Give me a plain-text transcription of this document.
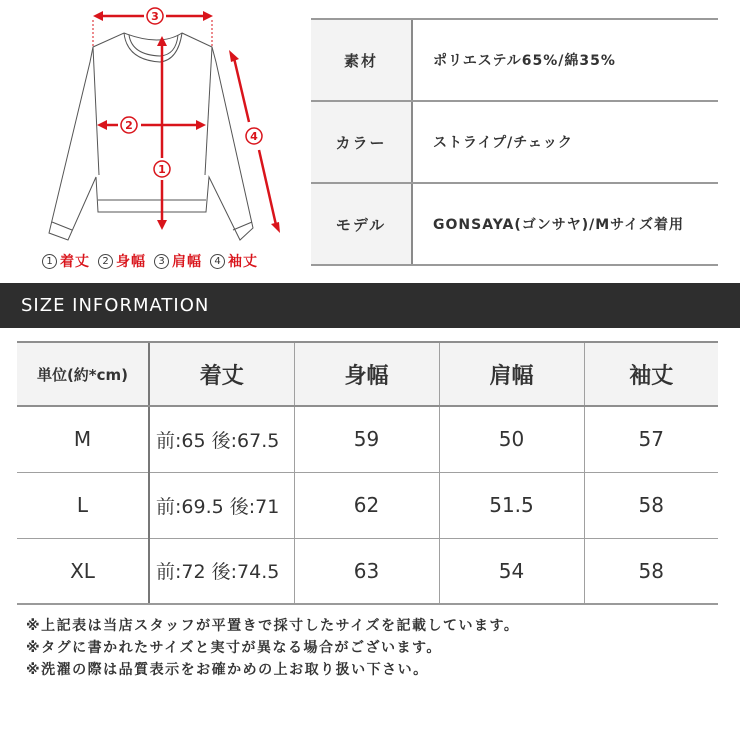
3
2
1
4
1 着丈	2 身幅	3 肩幅	4 袖丈
素材	ポリエステル65%/綿35%
カラー	ストライプ/チェック
モデル	GONSAYA(ゴンサヤ)/Mサイズ着用
SIZE INFORMATION
単位(約*cm)	着丈	身幅	肩幅	袖丈
M	前:65 後:67.5	59	50	57
L	前:69.5 後:71	62	51.5	58
XL	前:72 後:74.5	63	54	58
※上記表は当店スタッフが平置きで採寸したサイズを記載しています。
※タグに書かれたサイズと実寸が異なる場合がございます。
※洗濯の際は品質表示をお確かめの上お取り扱い下さい。
